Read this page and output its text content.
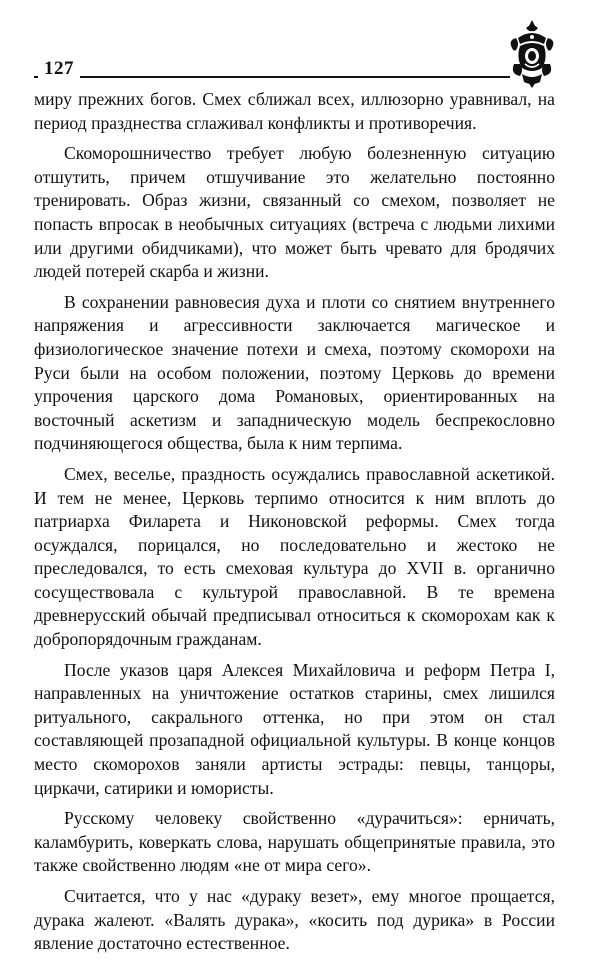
127

миру прежних богов. Смех сближал всех, иллюзорно уравнивал, на период празднества сглаживал конфликты и противоречия.

Скоморошничество требует любую болезненную ситуацию отшутить, причем отшучивание это желательно постоянно тренировать. Образ жизни, связанный со смехом, позволяет не попасть впросак в необычных ситуациях (встреча с людьми лихими или другими обидчиками), что может быть чревато для бродячих людей потерей скарба и жизни.

В сохранении равновесия духа и плоти со снятием внутреннего напряжения и агрессивности заключается магическое и физиологическое значение потехи и смеха, поэтому скоморохи на Руси были на особом положении, поэтому Церковь до времени упрочения царского дома Романовых, ориентированных на восточный аскетизм и западническую модель беспрекословно подчиняющегося общества, была к ним терпима.

Смех, веселье, праздность осуждались православной аскетикой. И тем не менее, Церковь терпимо относится к ним вплоть до патриарха Филарета и Никоновской реформы. Смех тогда осуждался, порицался, но последовательно и жестоко не преследовался, то есть смеховая культура до XVII в. органично сосуществовала с культурой православной. В те времена древнерусский обычай предписывал относиться к скоморохам как к добропорядочным гражданам.

После указов царя Алексея Михайловича и реформ Петра I, направленных на уничтожение остатков старины, смех лишился ритуального, сакрального оттенка, но при этом он стал составляющей прозападной официальной культуры. В конце концов место скоморохов заняли артисты эстрады: певцы, танцоры, циркачи, сатирики и юмористы.

Русскому человеку свойственно «дурачиться»: ерничать, каламбурить, коверкать слова, нарушать общепринятые правила, это также свойственно людям «не от мира сего».

Считается, что у нас «дураку везет», ему многое прощается, дурака жалеют. «Валять дурака», «косить под дурика» в России явление достаточно естественное.
